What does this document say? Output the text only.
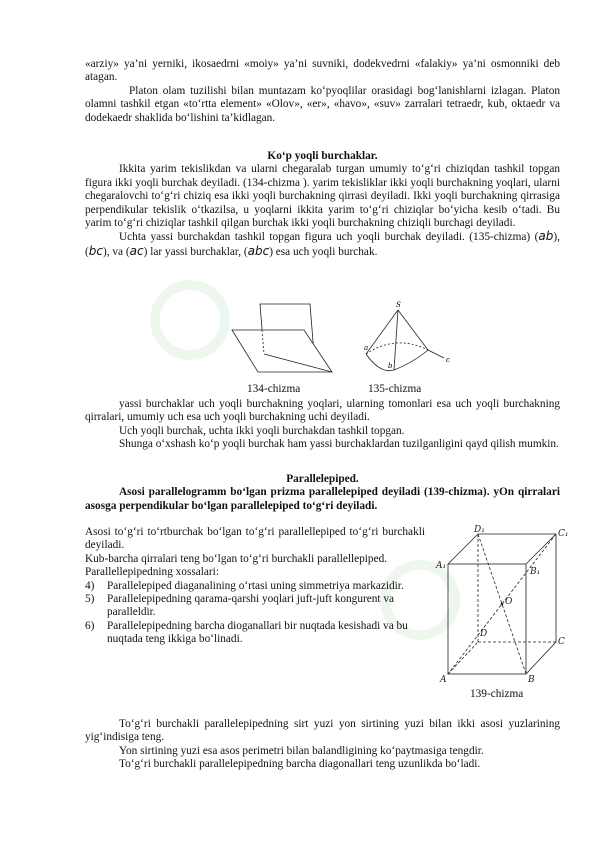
«arziy» ya’ni yerniki, ikosaedrni «moiy» ya’ni suvniki, dodekvedrni «falakiy» ya’ni osmonniki deb atagan.

Platon olam tuzilishi bilan muntazam ko‘pyoqlilar orasidagi bog‘lanishlarni izlagan. Platon olamni tashkil etgan «to‘rtta element» «Olov», «er», «havo», «suv» zarralari tetraedr, kub, oktaedr va dodekaedr shaklida bo‘lishini ta’kidlagan.

Ko‘p yoqli burchaklar.

Ikkita yarim tekislikdan va ularni chegaralab turgan umumiy to‘g‘ri chiziqdan tashkil topgan figura ikki yoqli burchak deyiladi. (134-chizma ). yarim tekisliklar ikki yoqli burchakning yoqlari, ularni chegaralovchi to‘g‘ri chiziq esa ikki yoqli burchakning qirrasi deyiladi. Ikki yoqli burchakning qirrasiga perpendikular tekislik o‘tkazilsa, u yoqlarni ikkita yarim to‘g‘ri chiziqlar bo‘yicha kesib o‘tadi. Bu yarim to‘g‘ri chiziqlar tashkil qilgan burchak ikki yoqli burchakning chiziqli burchagi deyiladi.

Uchta yassi burchakdan tashkil topgan figura uch yoqli burchak deyiladi. (135-chizma) (ab), (bc), va (ac) lar yassi burchaklar, (abc) esa uch yoqli burchak.

S
a
b
c
134-chizma	135-chizma

yassi burchaklar uch yoqli burchakning yoqlari, ularning tomonlari esa uch yoqli burchakning qirralari, umumiy uch esa uch yoqli burchakning uchi deyiladi.

Uch yoqli burchak, uchta ikki yoqli burchakdan tashkil topgan.

Shunga o‘xshash ko‘p yoqli burchak ham yassi burchaklardan tuzilganligini qayd qilish mumkin.

Parallelepiped.

Asosi parallelogramm bo‘lgan prizma parallelepiped deyiladi (139-chizma). yOn qirralari asosga perpendikular bo‘lgan parallelepiped to‘g‘ri deyiladi.

Asosi to‘g‘ri to‘rtburchak bo‘lgan to‘g‘ri parallellepiped to‘g‘ri burchakli deyiladi.

Kub-barcha qirralari teng bo‘lgan to‘g‘ri burchakli parallellepiped.

Parallellepipedning xossalari:

4) Parallelepiped diaganalining o‘rtasi uning simmetriya markazidir.
5) Parallelepipedning qarama-qarshi yoqlari juft-juft kongurent va paralleldir.
6) Parallelepipedning barcha dioganallari bir nuqtada kesishadi va bu nuqtada teng ikkiga bo‘linadi.
D₁	C₁
A₁
B₁
O
D
C
A	B
139-chizma

To‘g‘ri burchakli parallelepipedning sirt yuzi yon sirtining yuzi bilan ikki asosi yuzlarining yig‘indisiga teng.

Yon sirtining yuzi esa asos perimetri bilan balandligining ko‘paytmasiga tengdir.

To‘g‘ri burchakli parallelepipedning barcha diagonallari teng uzunlikda bo‘ladi.
